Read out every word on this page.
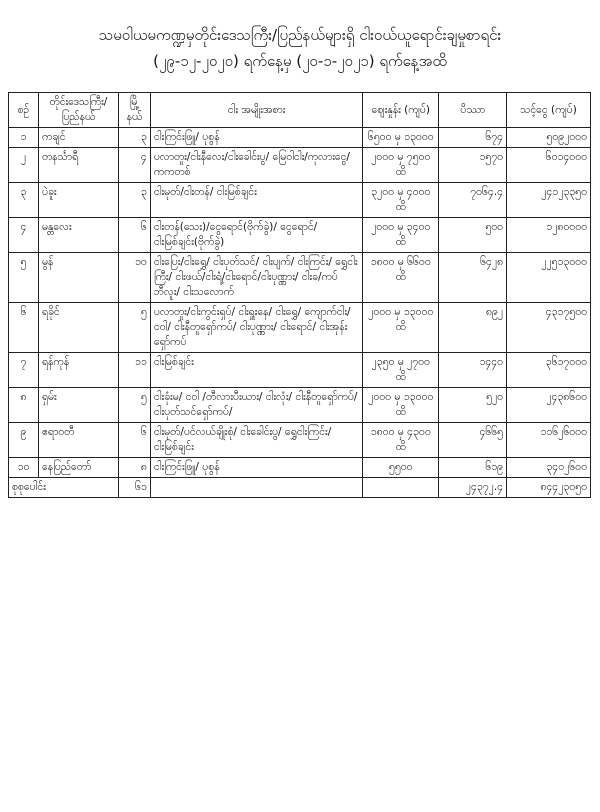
သမဝါယမကဏ္ဍမှတိုင်းဒေသကြီး/ပြည်နယ်များရှိ ငါးဝယ်ယူရောင်းချမှုစာရင်း
(၂၉-၁၂-၂၀၂၀) ရက်နေ့မှ (၂၀-၁-၂၀၂၁) ရက်နေ့အထိ
စဉ်	တိုင်းဒေသကြီး/ ပြည်နယ်	မြို့ နယ်	ငါး အမျိုးအစား	ဈေးနှုန်း (ကျပ်)	ပိဿာ	သင့်ငွေ (ကျပ်)
၁	ကချင်	၃	ငါးကြင်းဖြူ/ ပုစွန်	၆၅၀၀ မှ ၁၃၀၀၀	၆၇၄	၅၀၉၂၀၀၀
၂	တနင်္သာရီ	၄	ပလာတူး/ငါးနီလေး/ငါးခေါင်းပွ/ မြေဝါငါး/ကုလားငွေ/ကကတစ်	၂၀၀၀ မှ ၇၅၀၀ ထိ	၁၅၇၀	၆၀၁၄၀၀၀
၃	ပဲခူး	၃	ငါးမုတ်/ငါးတန်/ ငါးမြစ်ချင်း	၃၂၀၀ မှ ၄၀၀၀ ထိ	၇၀၆၄.၄	၂၄၁၂၃၃၅၀
၄	မန္တလေး	၆	ငါးတန်(သေး)/ငွေရောင်(ဗိုက်ခွဲ)/ ငွေရောင်/ ငါးမြစ်ချင်း(ဗိုက်ခွဲ)	၂၀၀၀ မှ ၃၄၀၀ ထိ	၅၀၀	၁၂၈၀၀၀၀
၅	မွန်	၁၀	ငါးပြေး/ငါးရွှေ/ ငါးပုတ်သင်/ ငါးပျက်/ ငါးကြင်း/ ရွှေငါးကြီး/ ငါးဖယ်/ငါးရံ့/ငါးရောင်/ငါးပုဏ္ဏား/ ငါးခ/ကပ်ဘီလူး/ ငါးသလောက်	၁၈၀၀ မှ ၆၆၀၀ ထိ	၆၄၂၈	၂၂၅၁၃၀၀၀
၆	ရခိုင်	၅	ပလာတူး/ငါးကွင်းရှပ်/ ငါးရှူးနေ/ ငါးရွှေ/ ကျောက်ငါး/ ငဝါ/ ငါးနီတူရှော်ကပ်/ ငါးပုဏ္ဏား/ ငါးရောင်/ ငါးအုန်းရှော်ကပ်	၂၀၀၀ မှ ၁၃၀၀၀ ထိ	၈၉၂	၄၃၁၇၅၀၀
၇	ရန်ကုန်	၁၁	ငါးမြစ်ချင်း	၂၃၅၀ မှ ၂၇၀၀ ထိ	၁၄၄၀	၃၆၁၇၀၀၀
၈	ရှမ်း	၅	ငါးခုံးမ/ ငဝါ /တီလားပီးယား/ ငါးလုံး/ ငါးနီတူရှော်ကပ်/ငါးပုတ်သင်ရှော်ကပ်/	၂၀၀၀ မှ ၁၃၀၀၀ ထိ	၅၂၀	၂၄၃၈၆၀၀
၉	ဧရာဝတီ	၆	ငါးမုတ်/ပင်လယ်ချိုးစုံ/ ငါးခေါင်းပွ/ ရွှေငါးကြင်း/ ငါးမြစ်ချင်း	၁၈၀၀ မှ ၄၃၀၀ ထိ	၄၆၆၅	၁၁၆၂၆၀၀၀
၁၀	နေပြည်တော်	၈	ငါးကြင်းဖြူ/ ပုစွန်	၅၅၀၀	၆၁၉	၃၄၀၂၆၀၀
စုစုပေါင်း		၆၁			၂၄၃၇၂.၄	၈၄၄၂၃၀၅၀
